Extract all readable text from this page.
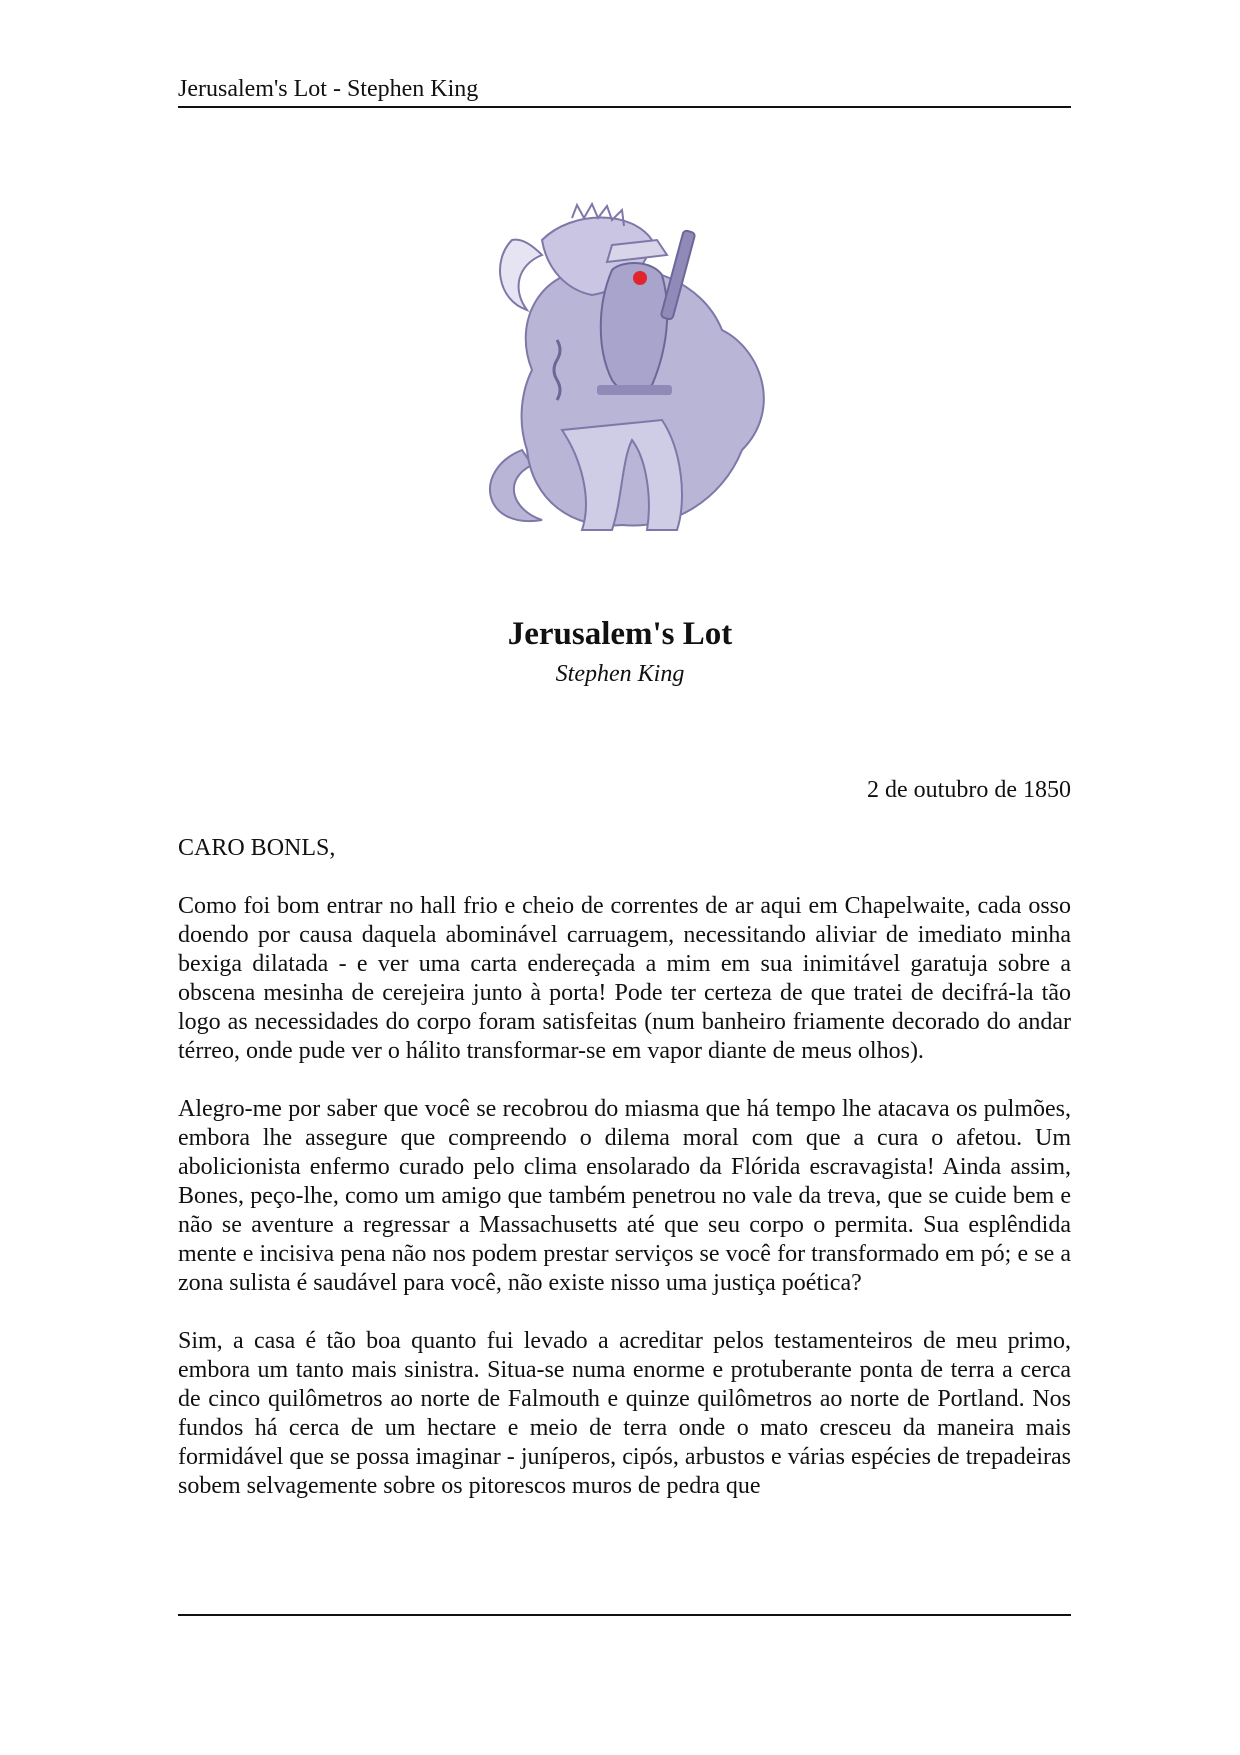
Jerusalem's Lot - Stephen King
Jerusalem's Lot
Stephen King
2 de outubro de 1850
CARO BONLS,

Como foi bom entrar no hall frio e cheio de correntes de ar aqui em Chapelwaite, cada osso doendo por causa daquela abominável carruagem, necessitando aliviar de imediato minha bexiga dilatada - e ver uma carta endereçada a mim em sua inimitável garatuja sobre a obscena mesinha de cerejeira junto à porta! Pode ter certeza de que tratei de decifrá-la tão logo as necessidades do corpo foram satisfeitas (num banheiro friamente decorado do andar térreo, onde pude ver o hálito transformar-se em vapor diante de meus olhos).

Alegro-me por saber que você se recobrou do miasma que há tempo lhe atacava os pulmões, embora lhe assegure que compreendo o dilema moral com que a cura o afetou. Um abolicionista enfermo curado pelo clima ensolarado da Flórida escravagista! Ainda assim, Bones, peço-lhe, como um amigo que também penetrou no vale da treva, que se cuide bem e não se aventure a regressar a Massachusetts até que seu corpo o permita. Sua esplêndida mente e incisiva pena não nos podem prestar serviços se você for transformado em pó; e se a zona sulista é saudável para você, não existe nisso uma justiça poética?

Sim, a casa é tão boa quanto fui levado a acreditar pelos testamenteiros de meu primo, embora um tanto mais sinistra. Situa-se numa enorme e protuberante ponta de terra a cerca de cinco quilômetros ao norte de Falmouth e quinze quilômetros ao norte de Portland. Nos fundos há cerca de um hectare e meio de terra onde o mato cresceu da maneira mais formidável que se possa imaginar - juníperos, cipós, arbustos e várias espécies de trepadeiras sobem selvagemente sobre os pitorescos muros de pedra que
